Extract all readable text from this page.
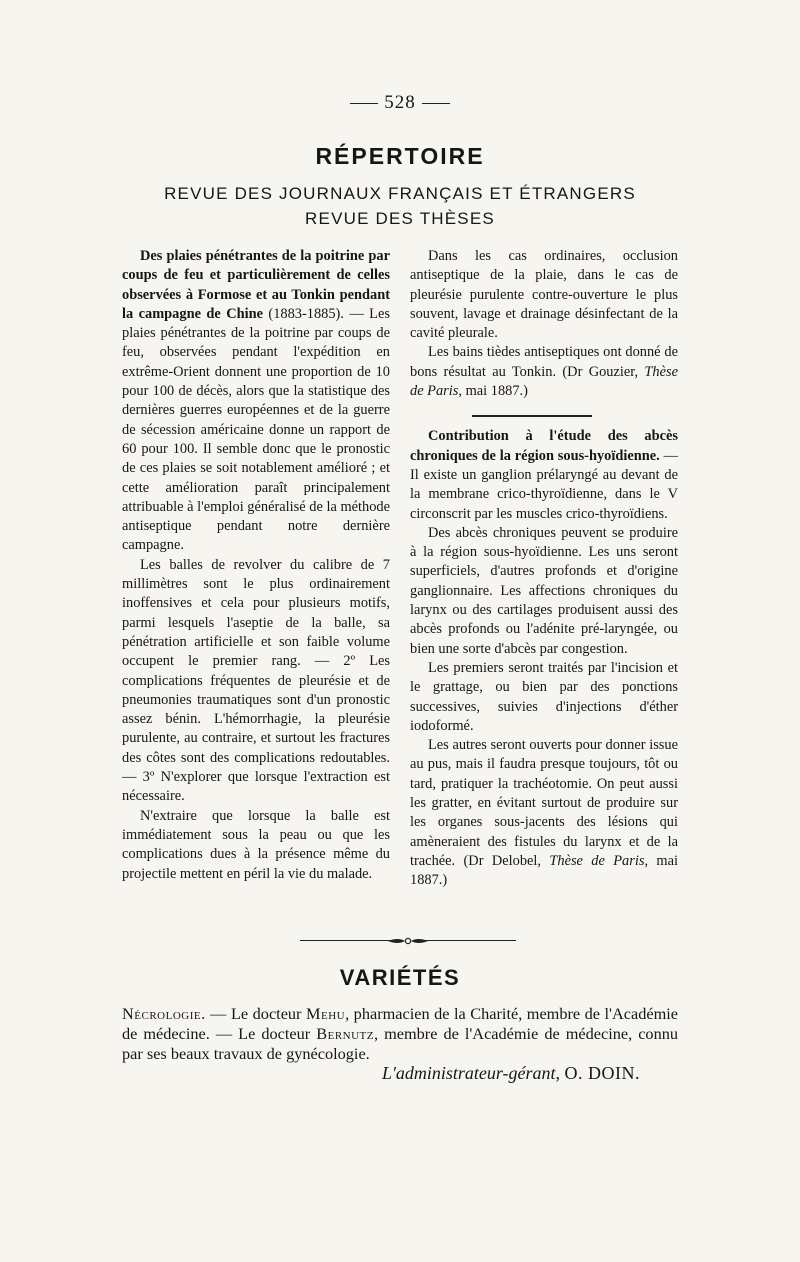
528
RÉPERTOIRE
REVUE DES JOURNAUX FRANÇAIS ET ÉTRANGERS
REVUE DES THÈSES

Des plaies pénétrantes de la poitrine par coups de feu et particulièrement de celles observées à Formose et au Tonkin pendant la campagne de Chine (1883-1885). — Les plaies pénétrantes de la poitrine par coups de feu, observées pendant l'expédition en extrême-Orient donnent une proportion de 10 pour 100 de décès, alors que la statistique des dernières guerres européennes et de la guerre de sécession américaine donne un rapport de 60 pour 100. Il semble donc que le pronostic de ces plaies se soit notablement amélioré ; et cette amélioration paraît principalement attribuable à l'emploi généralisé de la méthode antiseptique pendant notre dernière campagne.

Les balles de revolver du calibre de 7 millimètres sont le plus ordinairement inoffensives et cela pour plusieurs motifs, parmi lesquels l'aseptie de la balle, sa pénétration artificielle et son faible volume occupent le premier rang. — 2º Les complications fréquentes de pleurésie et de pneumonies traumatiques sont d'un pronostic assez bénin. L'hémorrhagie, la pleurésie purulente, au contraire, et surtout les fractures des côtes sont des complications redoutables. — 3º N'explorer que lorsque l'extraction est nécessaire.

N'extraire que lorsque la balle est immédiatement sous la peau ou que les complications dues à la présence même du projectile mettent en péril la vie du malade.

Dans les cas ordinaires, occlusion antiseptique de la plaie, dans le cas de pleurésie purulente contre-ouverture le plus souvent, lavage et drainage désinfectant de la cavité pleurale.

Les bains tièdes antiseptiques ont donné de bons résultat au Tonkin. (Dr Gouzier, Thèse de Paris, mai 1887.)

Contribution à l'étude des abcès chroniques de la région sous-hyoïdienne. — Il existe un ganglion prélaryngé au devant de la membrane crico-thyroïdienne, dans le V circonscrit par les muscles crico-thyroïdiens.

Des abcès chroniques peuvent se produire à la région sous-hyoïdienne. Les uns seront superficiels, d'autres profonds et d'origine ganglionnaire. Les affections chroniques du larynx ou des cartilages produisent aussi des abcès profonds ou l'adénite pré-laryngée, ou bien une sorte d'abcès par congestion.

Les premiers seront traités par l'incision et le grattage, ou bien par des ponctions successives, suivies d'injections d'éther iodoformé.

Les autres seront ouverts pour donner issue au pus, mais il faudra presque toujours, tôt ou tard, pratiquer la trachéotomie. On peut aussi les gratter, en évitant surtout de produire sur les organes sous-jacents des lésions qui amèneraient des fistules du larynx et de la trachée. (Dr Delobel, Thèse de Paris, mai 1887.)

VARIÉTÉS
Nécrologie. — Le docteur Mehu, pharmacien de la Charité, membre de l'Académie de médecine. — Le docteur Bernutz, membre de l'Académie de médecine, connu par ses beaux travaux de gynécologie.
L'administrateur-gérant, O. DOIN.
